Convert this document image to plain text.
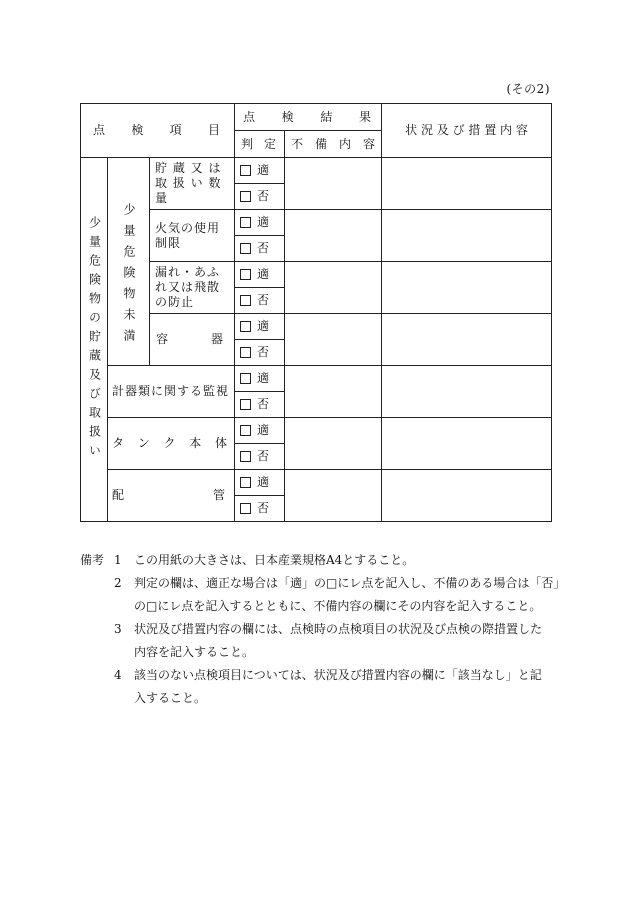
(その2)
点 検 項 目			点 検 結 果		状 況 及 び 措 置 内 容

			判 定	不 備 内 容	

少量危険物の貯蔵及び取扱い	少量危険物未満	貯 蔵 又 は 取 扱 い 数 量	適		

			否		

		火気の使用制限	適		

			否		

		漏れ・あふれ又は飛散の防止	適		

			否		

		容 器	適		

			否		

	計器類に関する監視		適		

			否		

	タ ン ク 本 体		適		

			否		

	配 管		適		

			否		
備考 1	この用紙の大きさは、日本産業規格A4とすること。
2	判定の欄は、適正な場合は「適」の□にレ点を記入し、不備のある場合は「否」
の□にレ点を記入するとともに、不備内容の欄にその内容を記入すること。
3	状況及び措置内容の欄には、点検時の点検項目の状況及び点検の際措置した
内容を記入すること。
4	該当のない点検項目については、状況及び措置内容の欄に「該当なし」と記
入すること。
